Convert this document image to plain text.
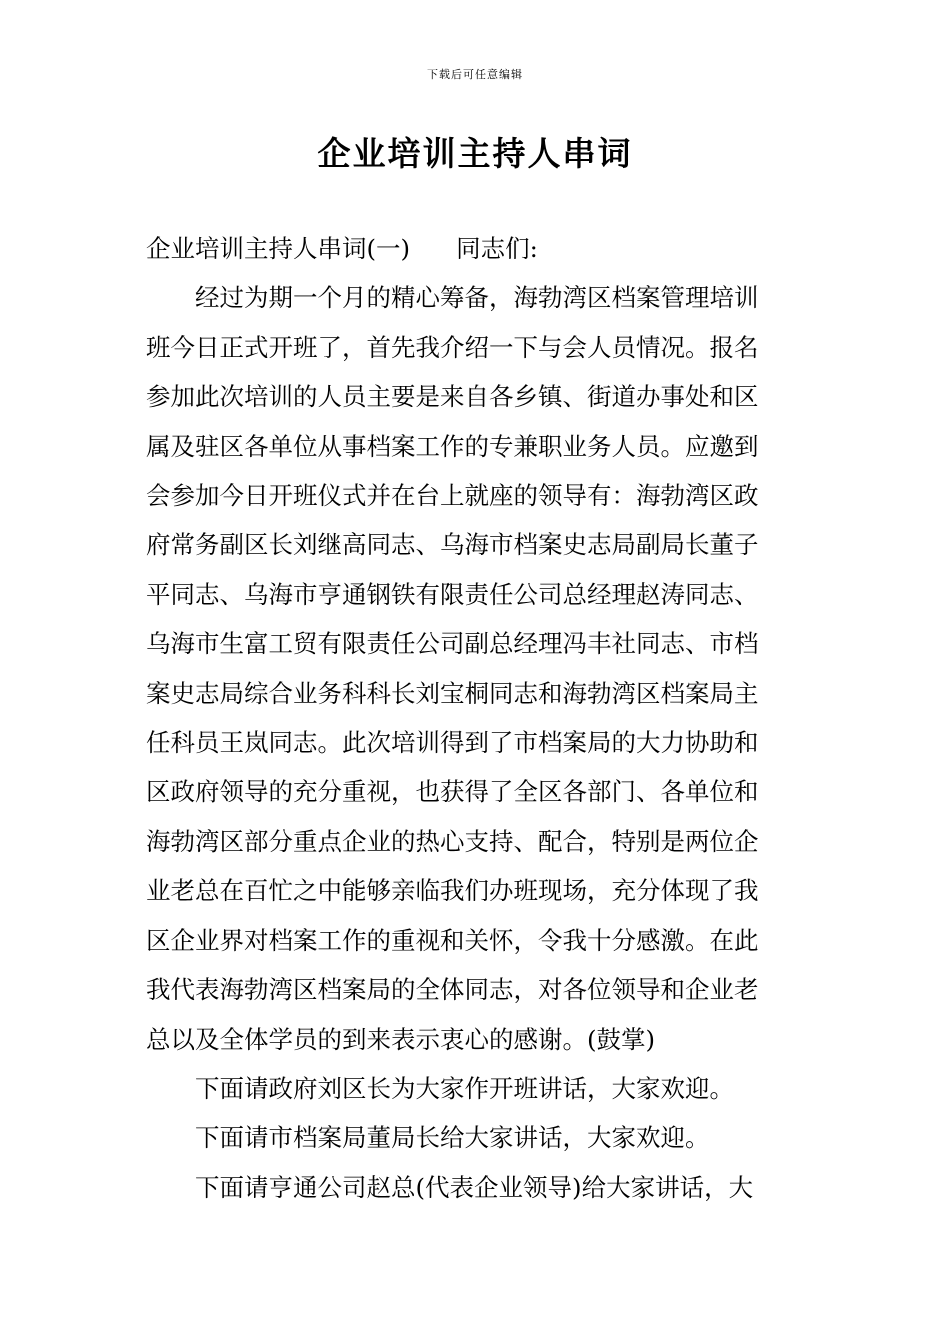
下载后可任意编辑
企业培训主持人串词

企业培训主持人串词(一) 同志们:

经过为期一个月的精心筹备，海勃湾区档案管理培训
班今日正式开班了，首先我介绍一下与会人员情况。报名
参加此次培训的人员主要是来自各乡镇、街道办事处和区
属及驻区各单位从事档案工作的专兼职业务人员。应邀到
会参加今日开班仪式并在台上就座的领导有：海勃湾区政
府常务副区长刘继高同志、乌海市档案史志局副局长董子
平同志、乌海市亨通钢铁有限责任公司总经理赵涛同志、
乌海市生富工贸有限责任公司副总经理冯丰社同志、市档
案史志局综合业务科科长刘宝桐同志和海勃湾区档案局主
任科员王岚同志。此次培训得到了市档案局的大力协助和
区政府领导的充分重视，也获得了全区各部门、各单位和
海勃湾区部分重点企业的热心支持、配合，特别是两位企
业老总在百忙之中能够亲临我们办班现场，充分体现了我
区企业界对档案工作的重视和关怀，令我十分感激。在此
我代表海勃湾区档案局的全体同志，对各位领导和企业老
总以及全体学员的到来表示衷心的感谢。(鼓掌)
下面请政府刘区长为大家作开班讲话，大家欢迎。
下面请市档案局董局长给大家讲话，大家欢迎。
下面请亨通公司赵总(代表企业领导)给大家讲话，大
